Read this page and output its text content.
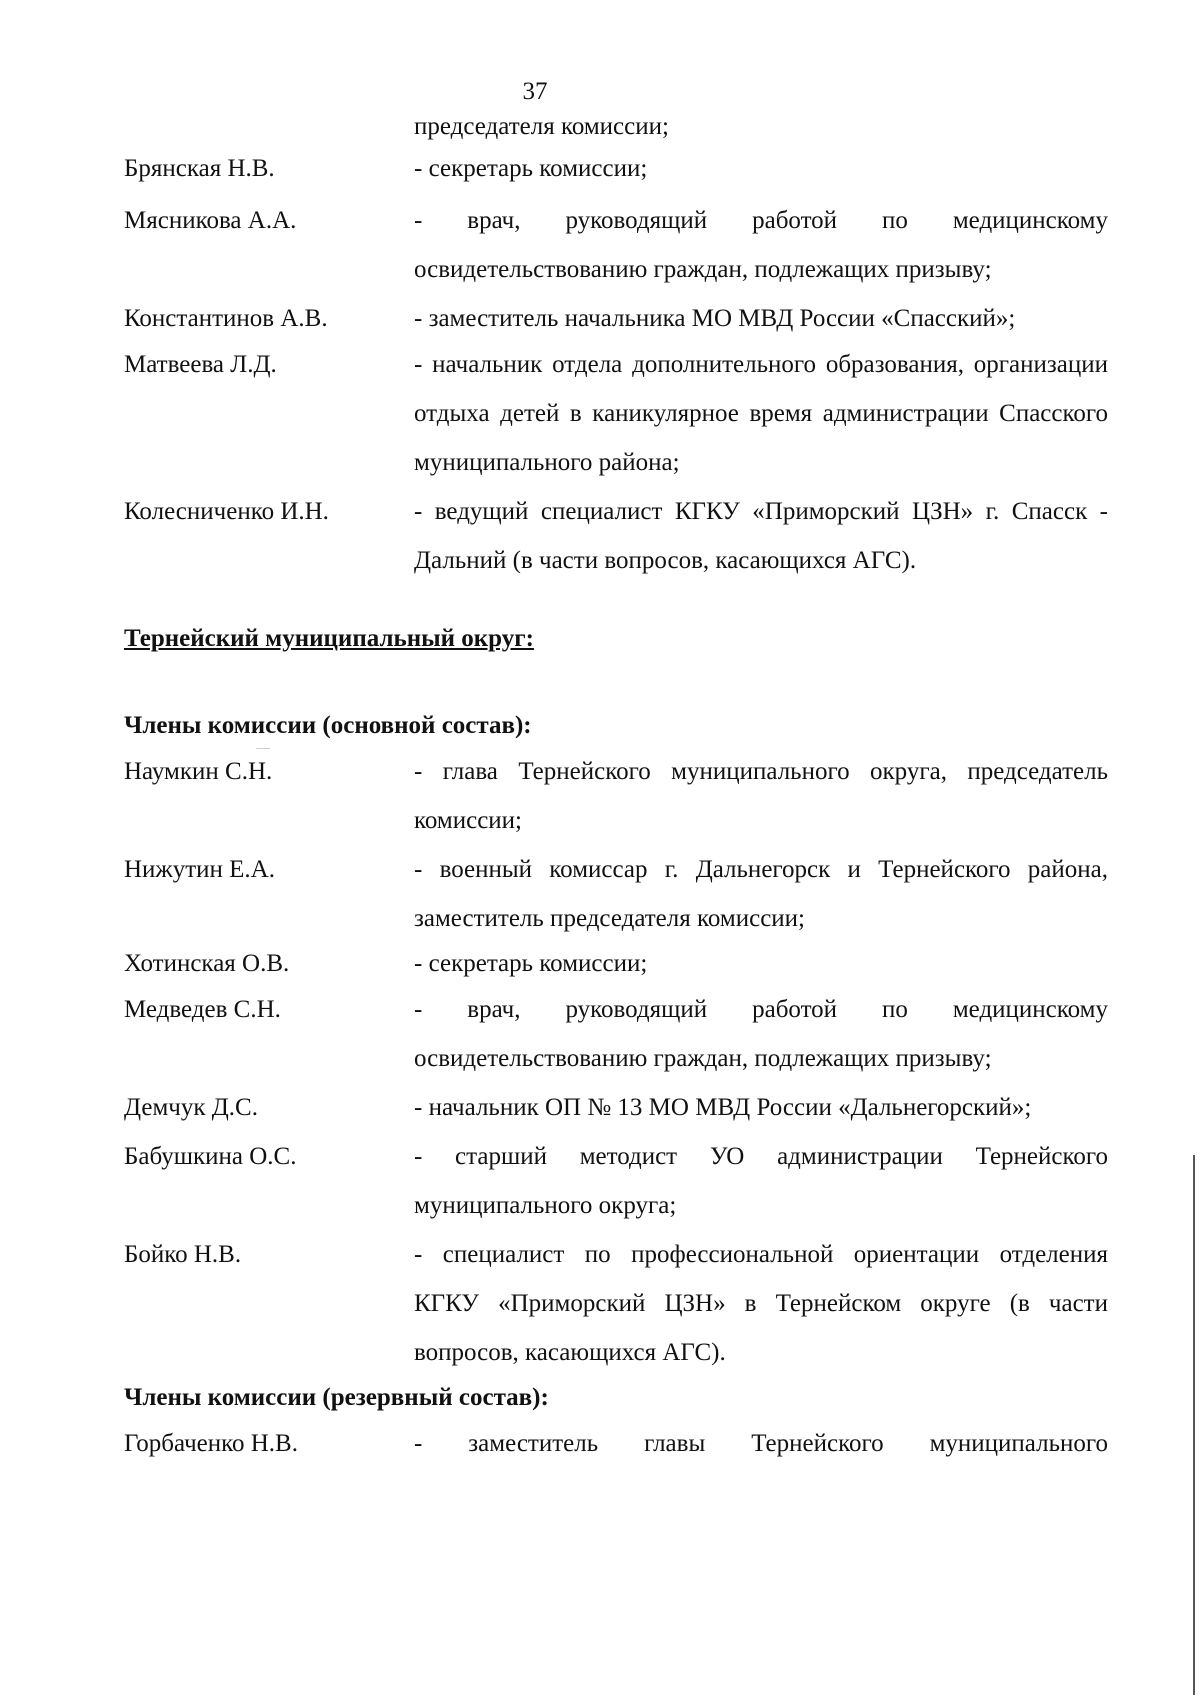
37
председателя комиссии;
Брянская Н.В.	- секретарь комиссии;
Мясникова А.А.	- врач, руководящий работой по медицинскому освидетельствованию граждан, подлежащих призыву;
Константинов А.В.	- заместитель начальника МО МВД России «Спасский»;
Матвеева Л.Д.	- начальник отдела дополнительного образования, организации отдыха детей в каникулярное время администрации Спасского муниципального района;
Колесниченко И.Н.	- ведущий специалист КГКУ «Приморский ЦЗН» г. Спасск - Дальний (в части вопросов, касающихся АГС).
Тернейский муниципальный округ:
Члены комиссии (основной состав):
Наумкин С.Н.	- глава Тернейского муниципального округа, председатель комиссии;
Нижутин Е.А.	- военный комиссар г. Дальнегорск и Тернейского района, заместитель председателя комиссии;
Хотинская О.В.	- секретарь комиссии;
Медведев С.Н.	- врач, руководящий работой по медицинскому освидетельствованию граждан, подлежащих призыву;
Демчук Д.С.	- начальник ОП № 13 МО МВД России «Дальнегорский»;
Бабушкина О.С.	- старший методист УО администрации Тернейского муниципального округа;
Бойко Н.В.	- специалист по профессиональной ориентации отделения КГКУ «Приморский ЦЗН» в Тернейском округе (в части вопросов, касающихся АГС).
Члены комиссии (резервный состав):
Горбаченко Н.В.	- заместитель главы Тернейского муниципального
